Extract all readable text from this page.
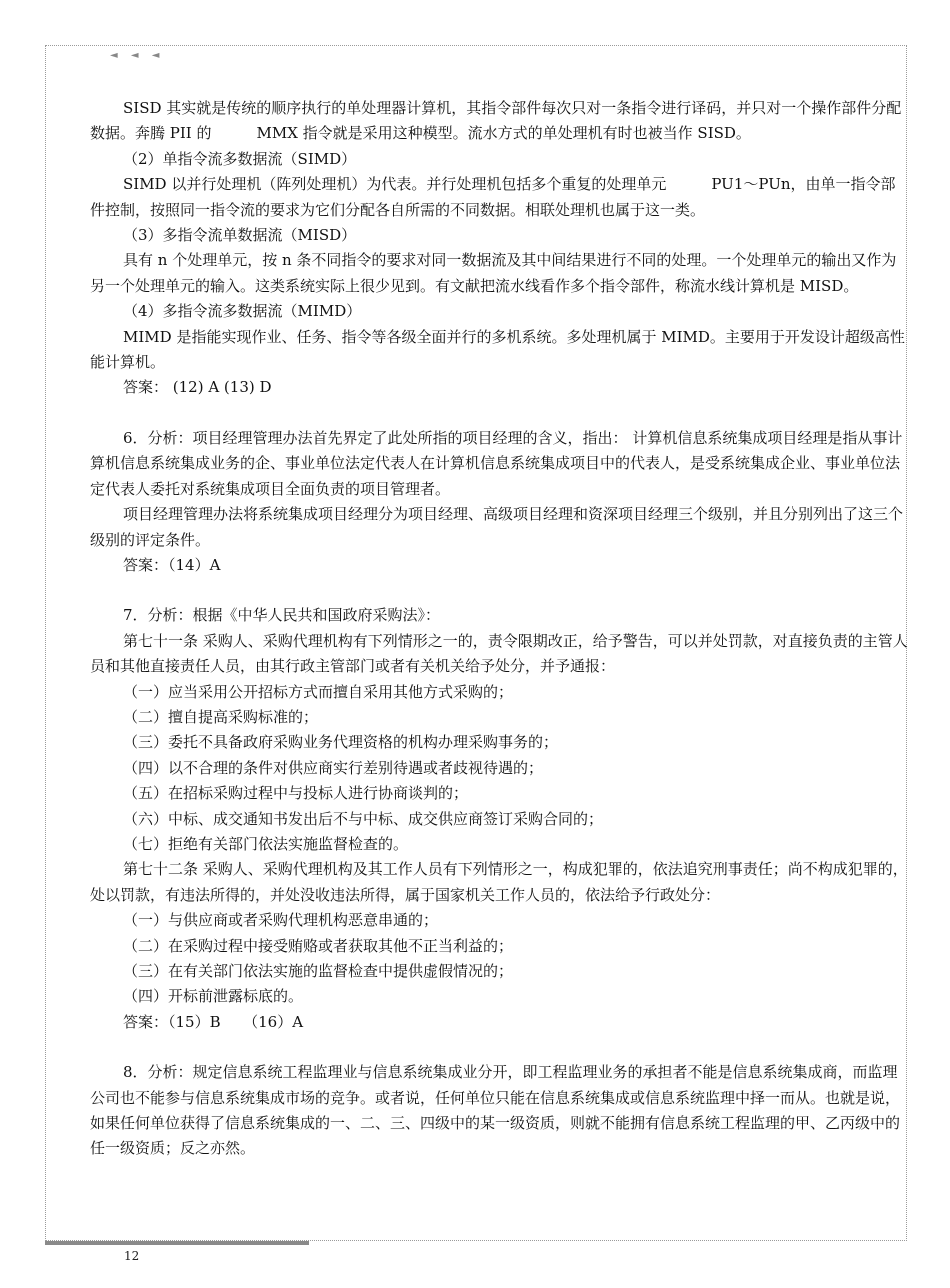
◄ ◄ ◄

SISD 其实就是传统的顺序执行的单处理器计算机，其指令部件每次只对一条指令进行译码，并只对一个操作部件分配数据。奔腾 PII 的　　　MMX 指令就是采用这种模型。流水方式的单处理机有时也被当作 SISD。

（2）单指令流多数据流（SIMD）

SIMD 以并行处理机（阵列处理机）为代表。并行处理机包括多个重复的处理单元　　　PU1～PUn，由单一指令部件控制，按照同一指令流的要求为它们分配各自所需的不同数据。相联处理机也属于这一类。

（3）多指令流单数据流（MISD）

具有 n 个处理单元，按 n 条不同指令的要求对同一数据流及其中间结果进行不同的处理。一个处理单元的输出又作为另一个处理单元的输入。这类系统实际上很少见到。有文献把流水线看作多个指令部件，称流水线计算机是 MISD。

（4）多指令流多数据流（MIMD）

MIMD 是指能实现作业、任务、指令等各级全面并行的多机系统。多处理机属于 MIMD。主要用于开发设计超级高性能计算机。

答案： (12) A (13) D

6．分析：项目经理管理办法首先界定了此处所指的项目经理的含义，指出： 计算机信息系统集成项目经理是指从事计算机信息系统集成业务的企、事业单位法定代表人在计算机信息系统集成项目中的代表人，是受系统集成企业、事业单位法定代表人委托对系统集成项目全面负责的项目管理者。

项目经理管理办法将系统集成项目经理分为项目经理、高级项目经理和资深项目经理三个级别，并且分别列出了这三个级别的评定条件。

答案：（14）A

7．分析：根据《中华人民共和国政府采购法》：

第七十一条 采购人、采购代理机构有下列情形之一的，责令限期改正，给予警告，可以并处罚款，对直接负责的主管人员和其他直接责任人员，由其行政主管部门或者有关机关给予处分，并予通报：

（一）应当采用公开招标方式而擅自采用其他方式采购的；

（二）擅自提高采购标准的；

（三）委托不具备政府采购业务代理资格的机构办理采购事务的；

（四）以不合理的条件对供应商实行差别待遇或者歧视待遇的；

（五）在招标采购过程中与投标人进行协商谈判的；

（六）中标、成交通知书发出后不与中标、成交供应商签订采购合同的；

（七）拒绝有关部门依法实施监督检查的。

第七十二条 采购人、采购代理机构及其工作人员有下列情形之一，构成犯罪的，依法追究刑事责任；尚不构成犯罪的，处以罚款，有违法所得的，并处没收违法所得，属于国家机关工作人员的，依法给予行政处分：

（一）与供应商或者采购代理机构恶意串通的；

（二）在采购过程中接受贿赂或者获取其他不正当利益的；

（三）在有关部门依法实施的监督检查中提供虚假情况的；

（四）开标前泄露标底的。

答案：（15）B　　（16）A

8．分析：规定信息系统工程监理业与信息系统集成业分开，即工程监理业务的承担者不能是信息系统集成商，而监理公司也不能参与信息系统集成市场的竞争。或者说，任何单位只能在信息系统集成或信息系统监理中择一而从。也就是说，如果任何单位获得了信息系统集成的一、二、三、四级中的某一级资质，则就不能拥有信息系统工程监理的甲、乙丙级中的任一级资质；反之亦然。

12
